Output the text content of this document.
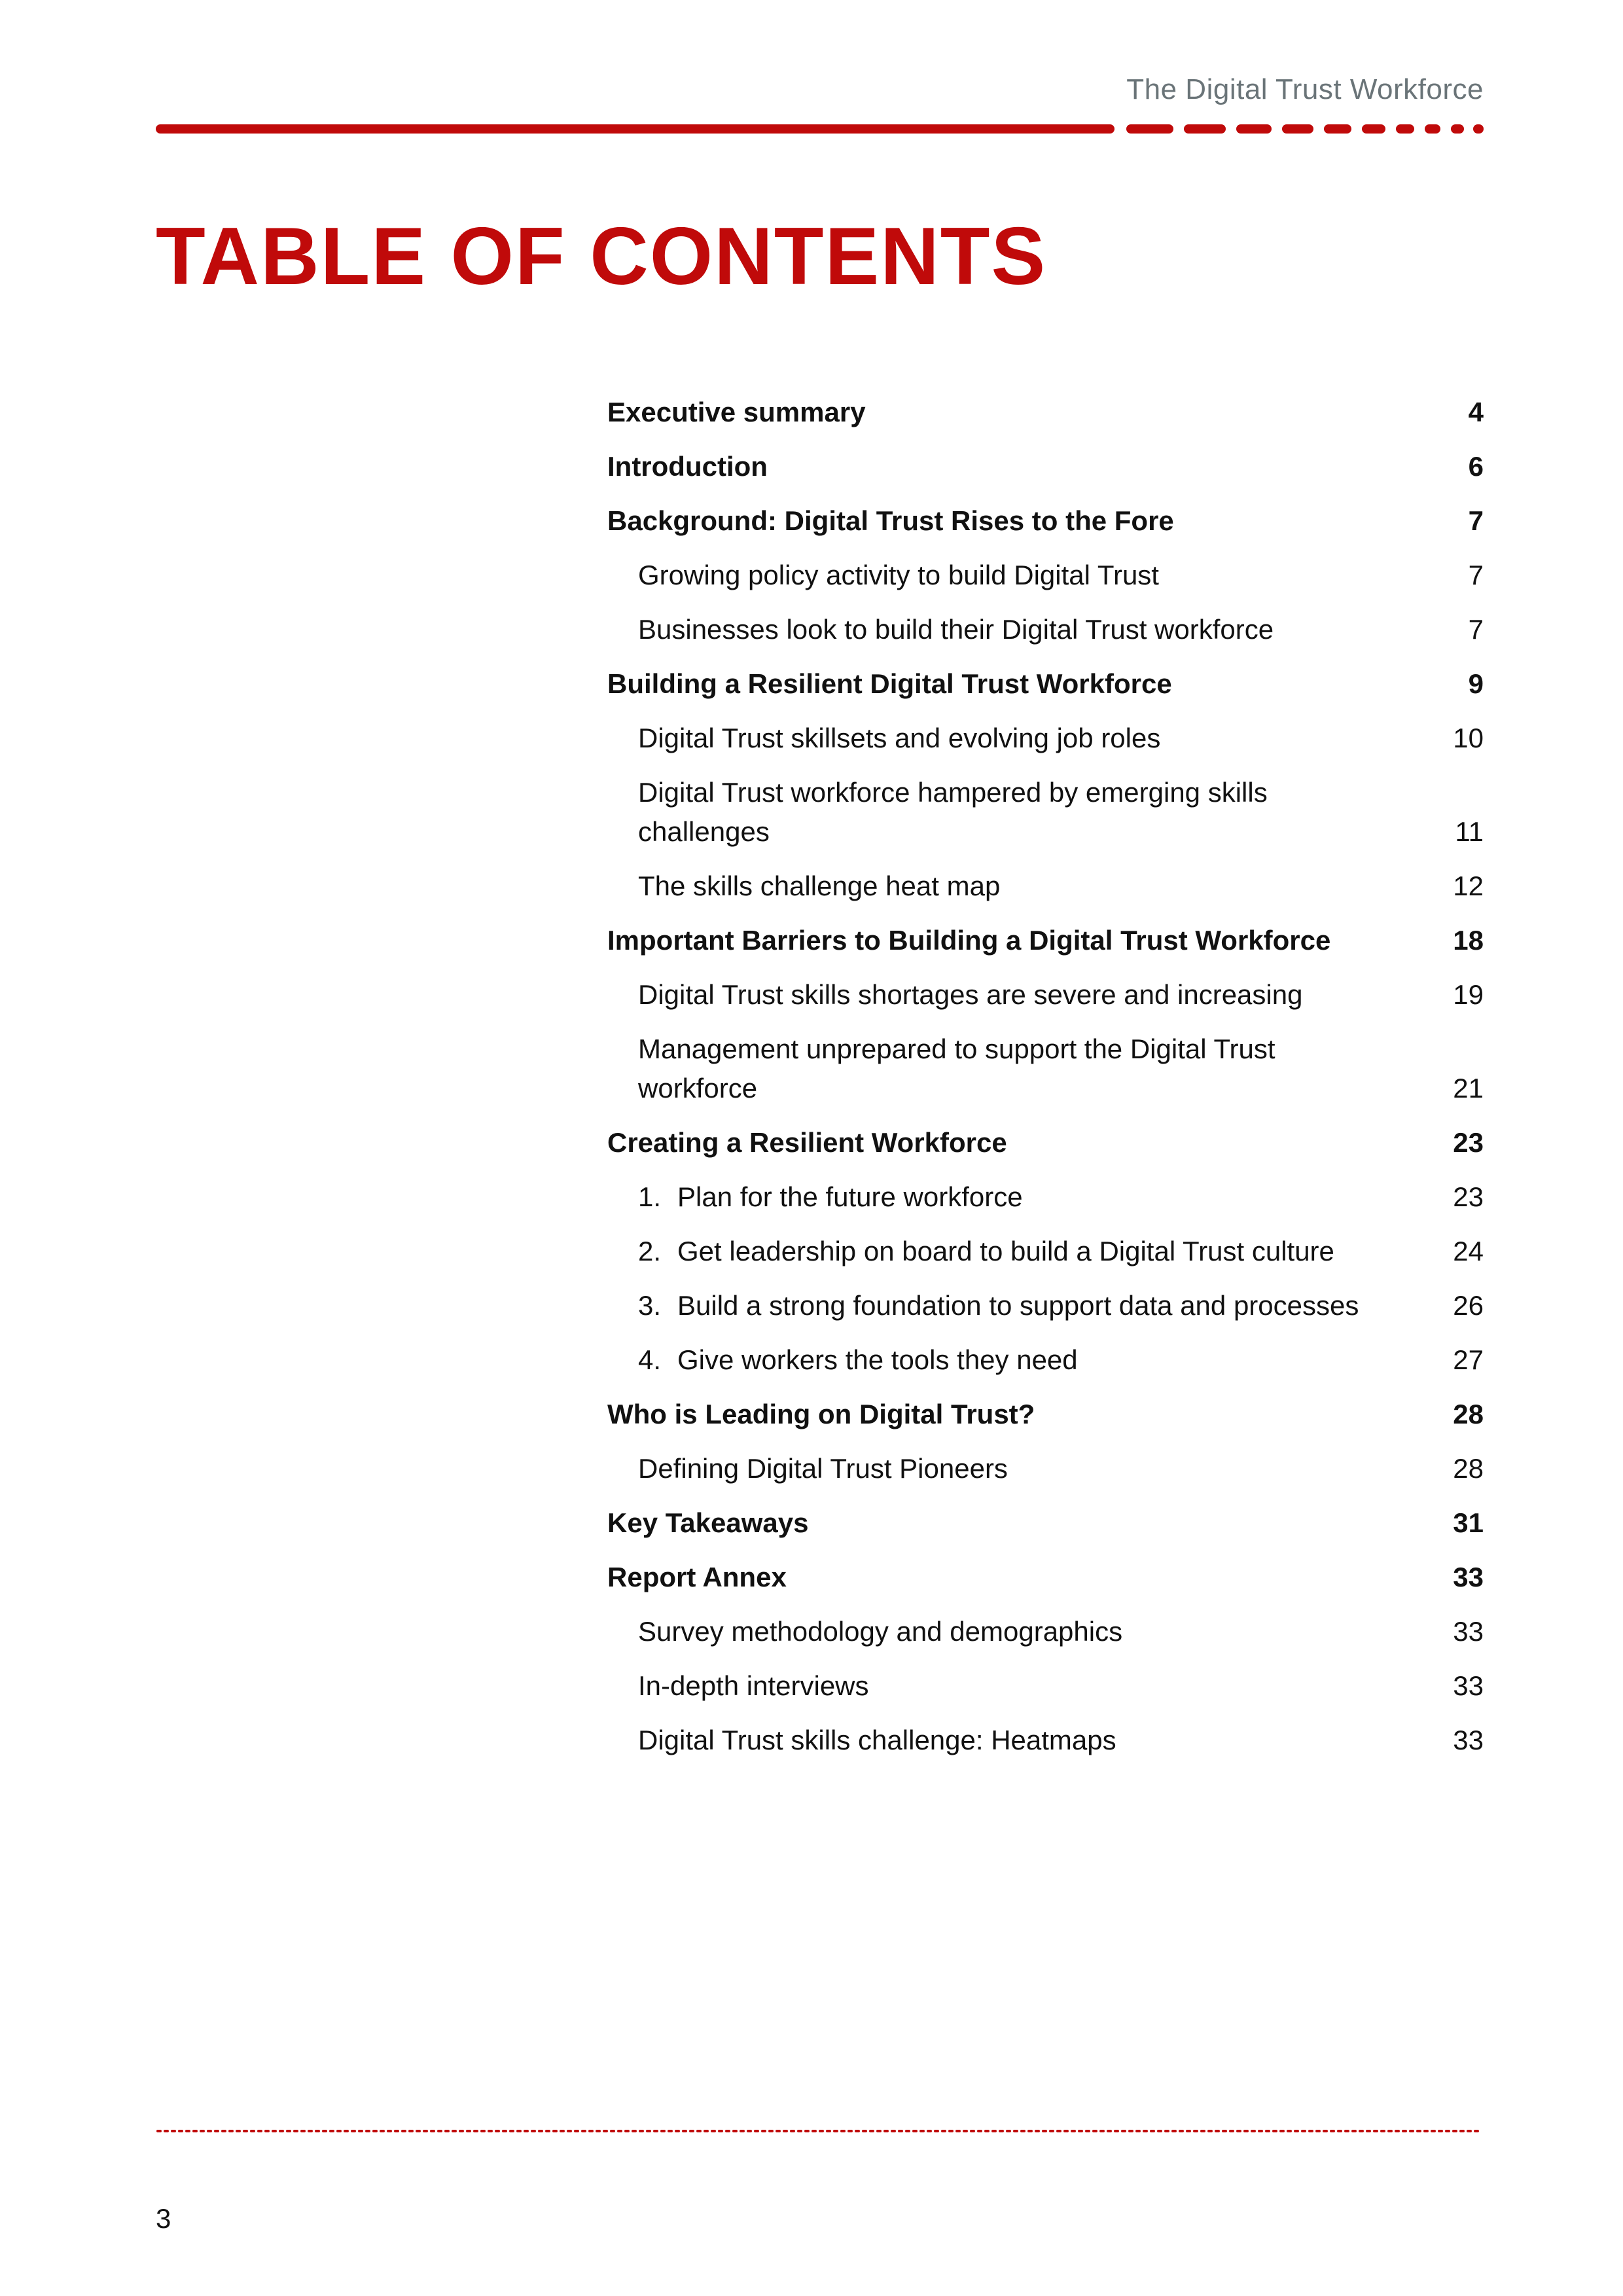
The Digital Trust Workforce
TABLE OF CONTENTS
Executive summary	4
Introduction	6
Background: Digital Trust Rises to the Fore	7
Growing policy activity to build Digital Trust	7
Businesses look to build their Digital Trust workforce	7
Building a Resilient Digital Trust Workforce	9
Digital Trust skillsets and evolving job roles	10
Digital Trust workforce hampered by emerging skills challenges	11
The skills challenge heat map	12
Important Barriers to Building a Digital Trust Workforce	18
Digital Trust skills shortages are severe and increasing	19
Management unprepared to support the Digital Trust workforce	21
Creating a Resilient Workforce	23
1. Plan for the future workforce	23
2. Get leadership on board to build a Digital Trust culture	24
3. Build a strong foundation to support data and processes	26
4. Give workers the tools they need	27
Who is Leading on Digital Trust?	28
Defining Digital Trust Pioneers	28
Key Takeaways	31
Report Annex	33
Survey methodology and demographics	33
In-depth interviews	33
Digital Trust skills challenge: Heatmaps	33
3
